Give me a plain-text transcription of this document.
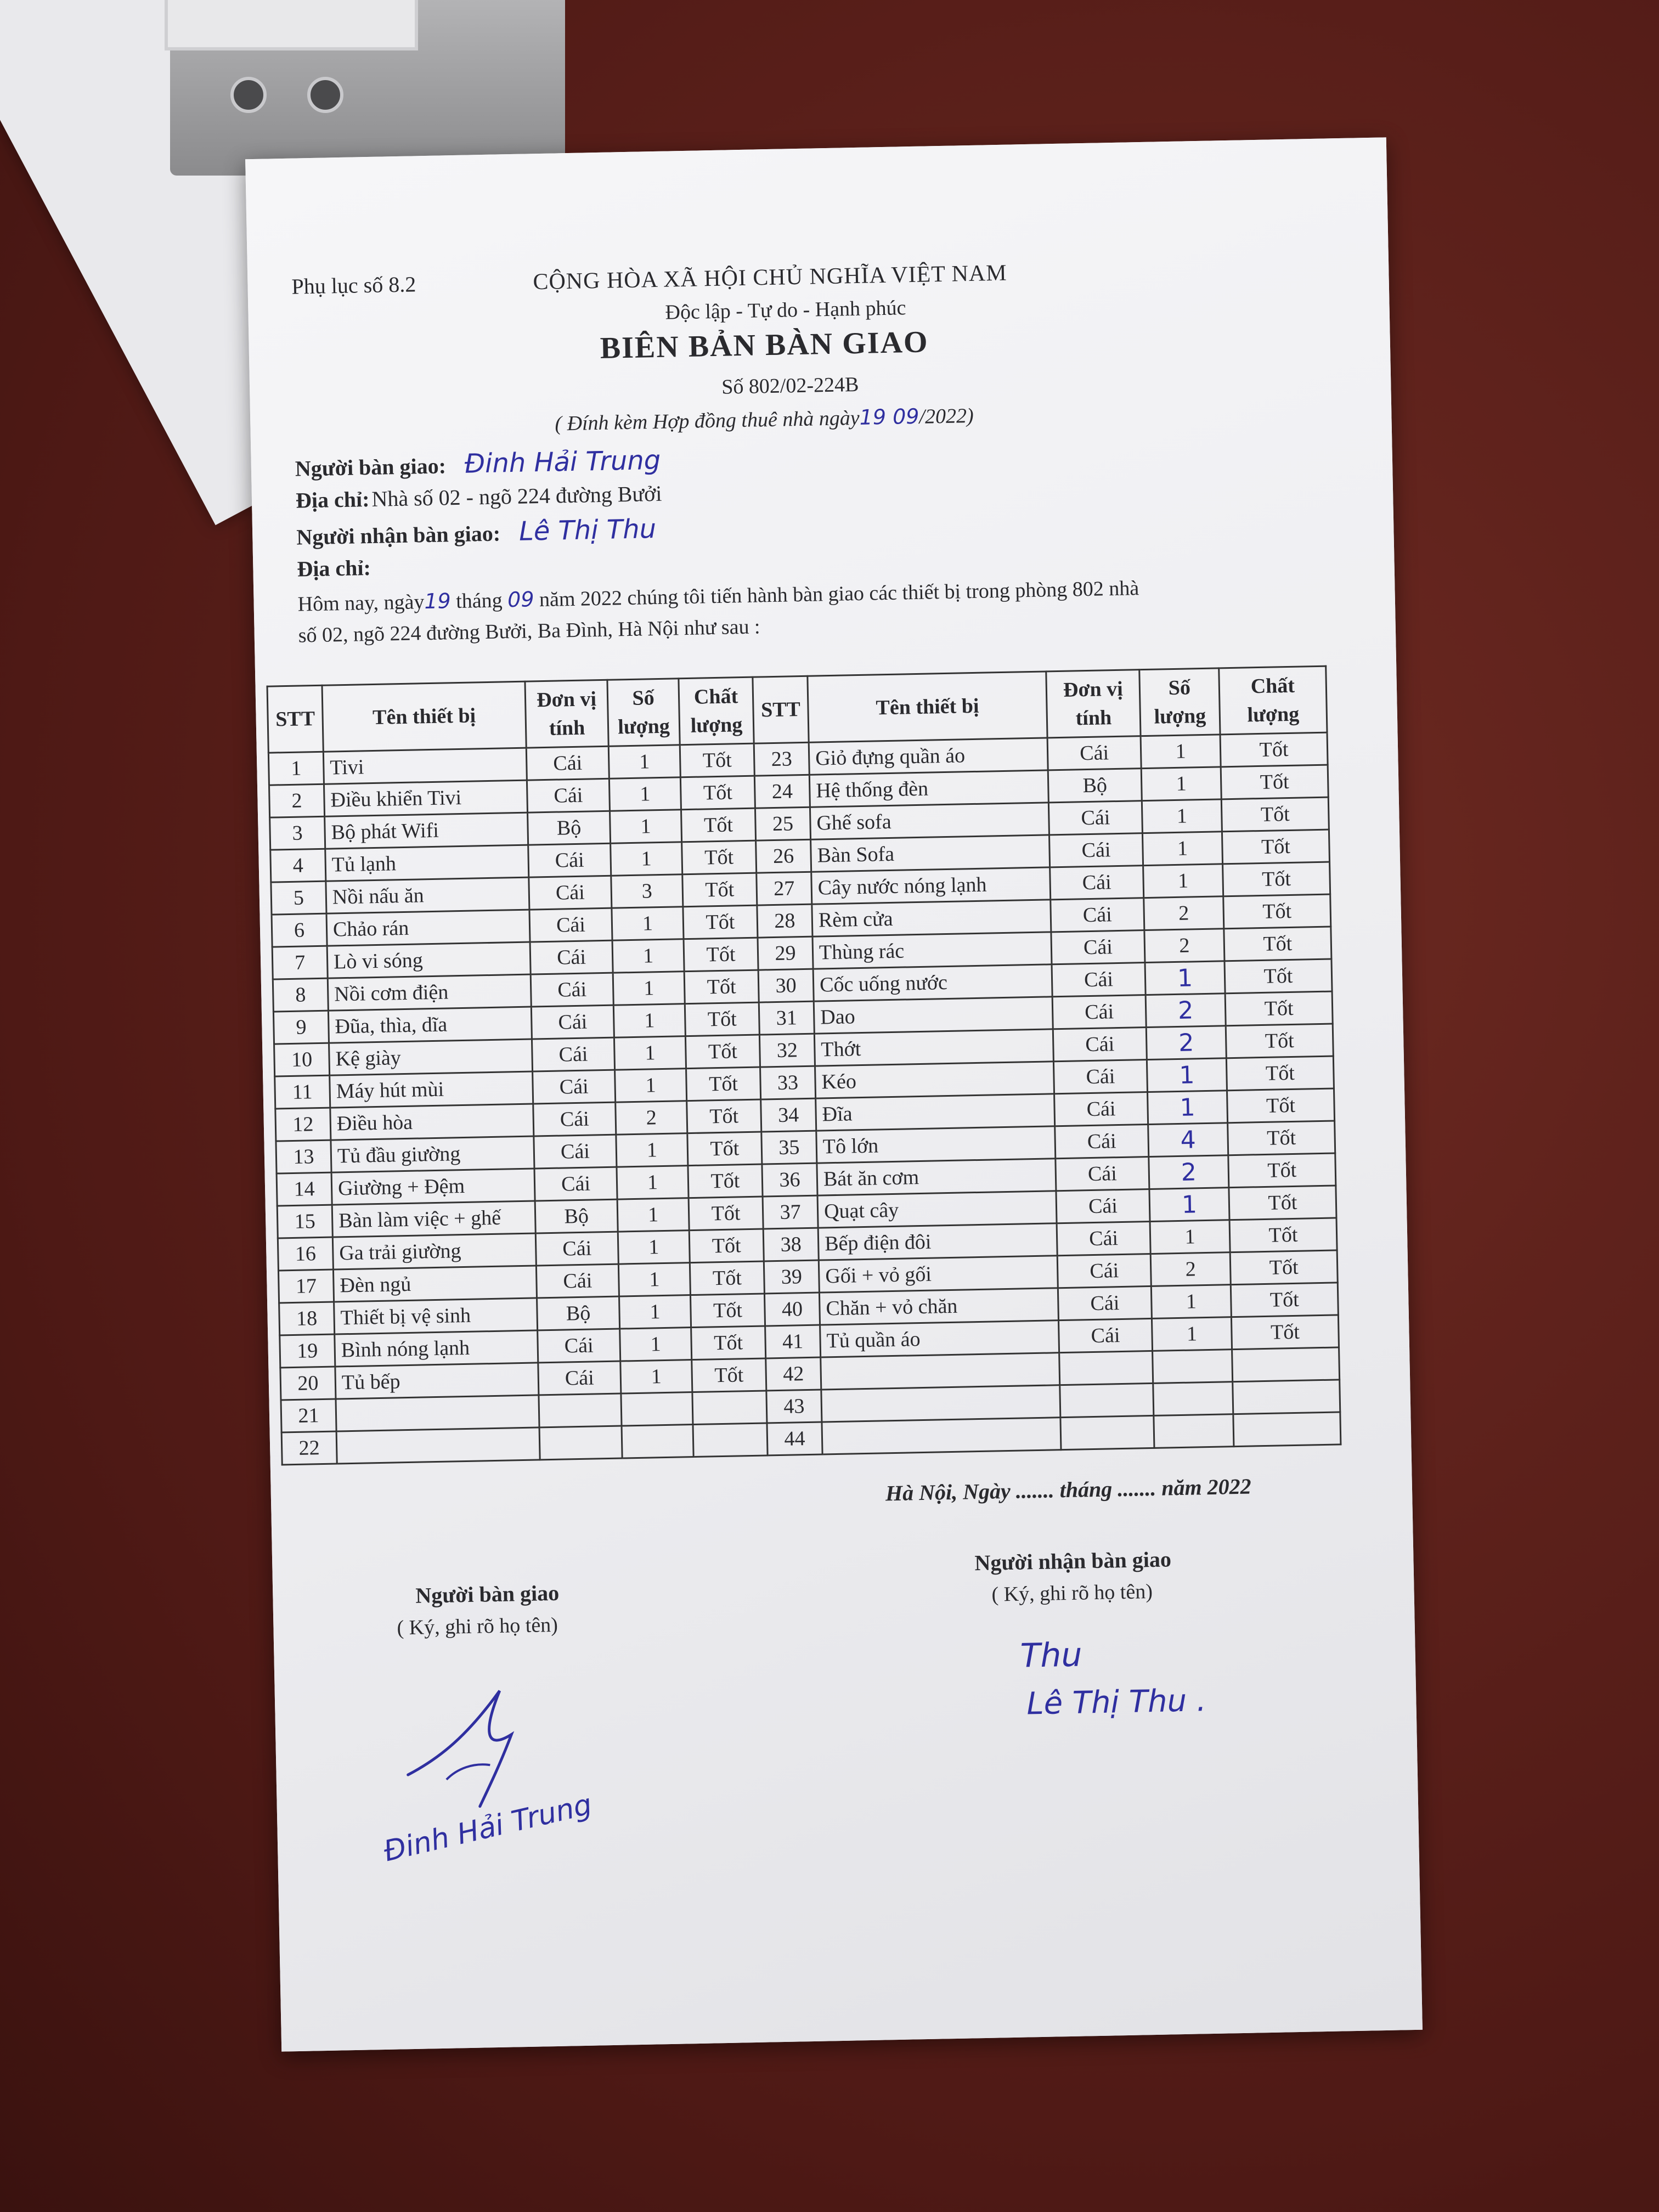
Phụ lục số 8.2	CỘNG HÒA XÃ HỘI CHỦ NGHĨA VIỆT NAM
Độc lập - Tự do - Hạnh phúc
BIÊN BẢN BÀN GIAO
Số 802/02-224B
( Đính kèm Hợp đồng thuê nhà ngày19 09/2022)
Người bàn giao: Đinh Hải Trung
Địa chỉ: Nhà số 02 - ngõ 224 đường Bưởi
Người nhận bàn giao: Lê Thị Thu
Địa chỉ:
Hôm nay, ngày19 tháng 09 năm 2022 chúng tôi tiến hành bàn giao các thiết bị trong phòng 802 nhà
số 02, ngõ 224 đường Bưởi, Ba Đình, Hà Nội như sau :
STT	Tên thiết bị	Đơn vị tính	Số lượng	Chất lượng	STT	Tên thiết bị	Đơn vị tính	Số lượng	Chất lượng
1	Tivi	Cái	1	Tốt	23	Giỏ đựng quần áo	Cái	1	Tốt
2	Điều khiển Tivi	Cái	1	Tốt	24	Hệ thống đèn	Bộ	1	Tốt
3	Bộ phát Wifi	Bộ	1	Tốt	25	Ghế sofa	Cái	1	Tốt
4	Tủ lạnh	Cái	1	Tốt	26	Bàn Sofa	Cái	1	Tốt
5	Nồi nấu ăn	Cái	3	Tốt	27	Cây nước nóng lạnh	Cái	1	Tốt
6	Chảo rán	Cái	1	Tốt	28	Rèm cửa	Cái	2	Tốt
7	Lò vi sóng	Cái	1	Tốt	29	Thùng rác	Cái	2	Tốt
8	Nồi cơm điện	Cái	1	Tốt	30	Cốc uống nước	Cái	1	Tốt
9	Đũa, thìa, dĩa	Cái	1	Tốt	31	Dao	Cái	2	Tốt
10	Kệ giày	Cái	1	Tốt	32	Thớt	Cái	2	Tốt
11	Máy hút mùi	Cái	1	Tốt	33	Kéo	Cái	1	Tốt
12	Điều hòa	Cái	2	Tốt	34	Đĩa	Cái	1	Tốt
13	Tủ đầu giường	Cái	1	Tốt	35	Tô lớn	Cái	4	Tốt
14	Giường + Đệm	Cái	1	Tốt	36	Bát ăn cơm	Cái	2	Tốt
15	Bàn làm việc + ghế	Bộ	1	Tốt	37	Quạt cây	Cái	1	Tốt
16	Ga trải giường	Cái	1	Tốt	38	Bếp điện đôi	Cái	1	Tốt
17	Đèn ngủ	Cái	1	Tốt	39	Gối + vỏ gối	Cái	2	Tốt
18	Thiết bị vệ sinh	Bộ	1	Tốt	40	Chăn + vỏ chăn	Cái	1	Tốt
19	Bình nóng lạnh	Cái	1	Tốt	41	Tủ quần áo	Cái	1	Tốt
20	Tủ bếp	Cái	1	Tốt	42				
21					43				
22					44				
Hà Nội, Ngày ....... tháng ....... năm 2022
Người bàn giao
( Ký, ghi rõ họ tên)
Đinh Hải Trung
Người nhận bàn giao
( Ký, ghi rõ họ tên)
Thu
Lê Thị Thu .
